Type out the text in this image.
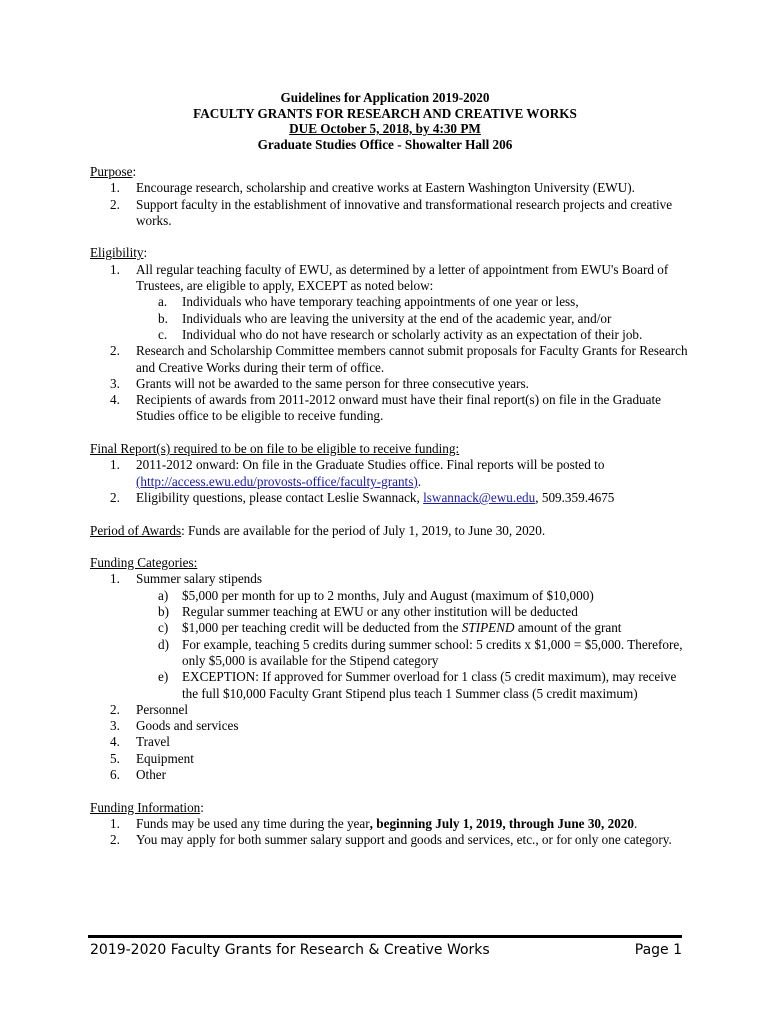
Guidelines for Application 2019-2020
FACULTY GRANTS FOR RESEARCH AND CREATIVE WORKS
DUE October 5, 2018, by 4:30 PM
Graduate Studies Office - Showalter Hall 206
Purpose:
1.	Encourage research, scholarship and creative works at Eastern Washington University (EWU).
2.	Support faculty in the establishment of innovative and transformational research projects and creative works.
Eligibility:
1.	All regular teaching faculty of EWU, as determined by a letter of appointment from EWU's Board of Trustees, are eligible to apply, EXCEPT as noted below:
a.	Individuals who have temporary teaching appointments of one year or less,
b.	Individuals who are leaving the university at the end of the academic year, and/or
c.	Individual who do not have research or scholarly activity as an expectation of their job.
2.	Research and Scholarship Committee members cannot submit proposals for Faculty Grants for Research and Creative Works during their term of office.
3.	Grants will not be awarded to the same person for three consecutive years.
4.	Recipients of awards from 2011-2012 onward must have their final report(s) on file in the Graduate Studies office to be eligible to receive funding.
Final Report(s) required to be on file to be eligible to receive funding:
1.	2011-2012 onward: On file in the Graduate Studies office. Final reports will be posted to
(http://access.ewu.edu/provosts-office/faculty-grants).
2.	Eligibility questions, please contact Leslie Swannack, lswannack@ewu.edu, 509.359.4675
Period of Awards: Funds are available for the period of July 1, 2019, to June 30, 2020.
Funding Categories:
1.	Summer salary stipends
a)	$5,000 per month for up to 2 months, July and August (maximum of $10,000)
b) Regular summer teaching at EWU or any other institution will be deducted
c)	$1,000 per teaching credit will be deducted from the STIPEND amount of the grant
d) For example, teaching 5 credits during summer school: 5 credits x $1,000 = $5,000. Therefore, only $5,000 is available for the Stipend category
e)	EXCEPTION: If approved for Summer overload for 1 class (5 credit maximum), may receive the full $10,000 Faculty Grant Stipend plus teach 1 Summer class (5 credit maximum)
2.	Personnel
3.	Goods and services
4.	Travel
5.	Equipment
6.	Other
Funding Information:
1.	Funds may be used any time during the year, beginning July 1, 2019, through June 30, 2020.
2.	You may apply for both summer salary support and goods and services, etc., or for only one category.
2019-2020 Faculty Grants for Research & Creative Works	Page 1
